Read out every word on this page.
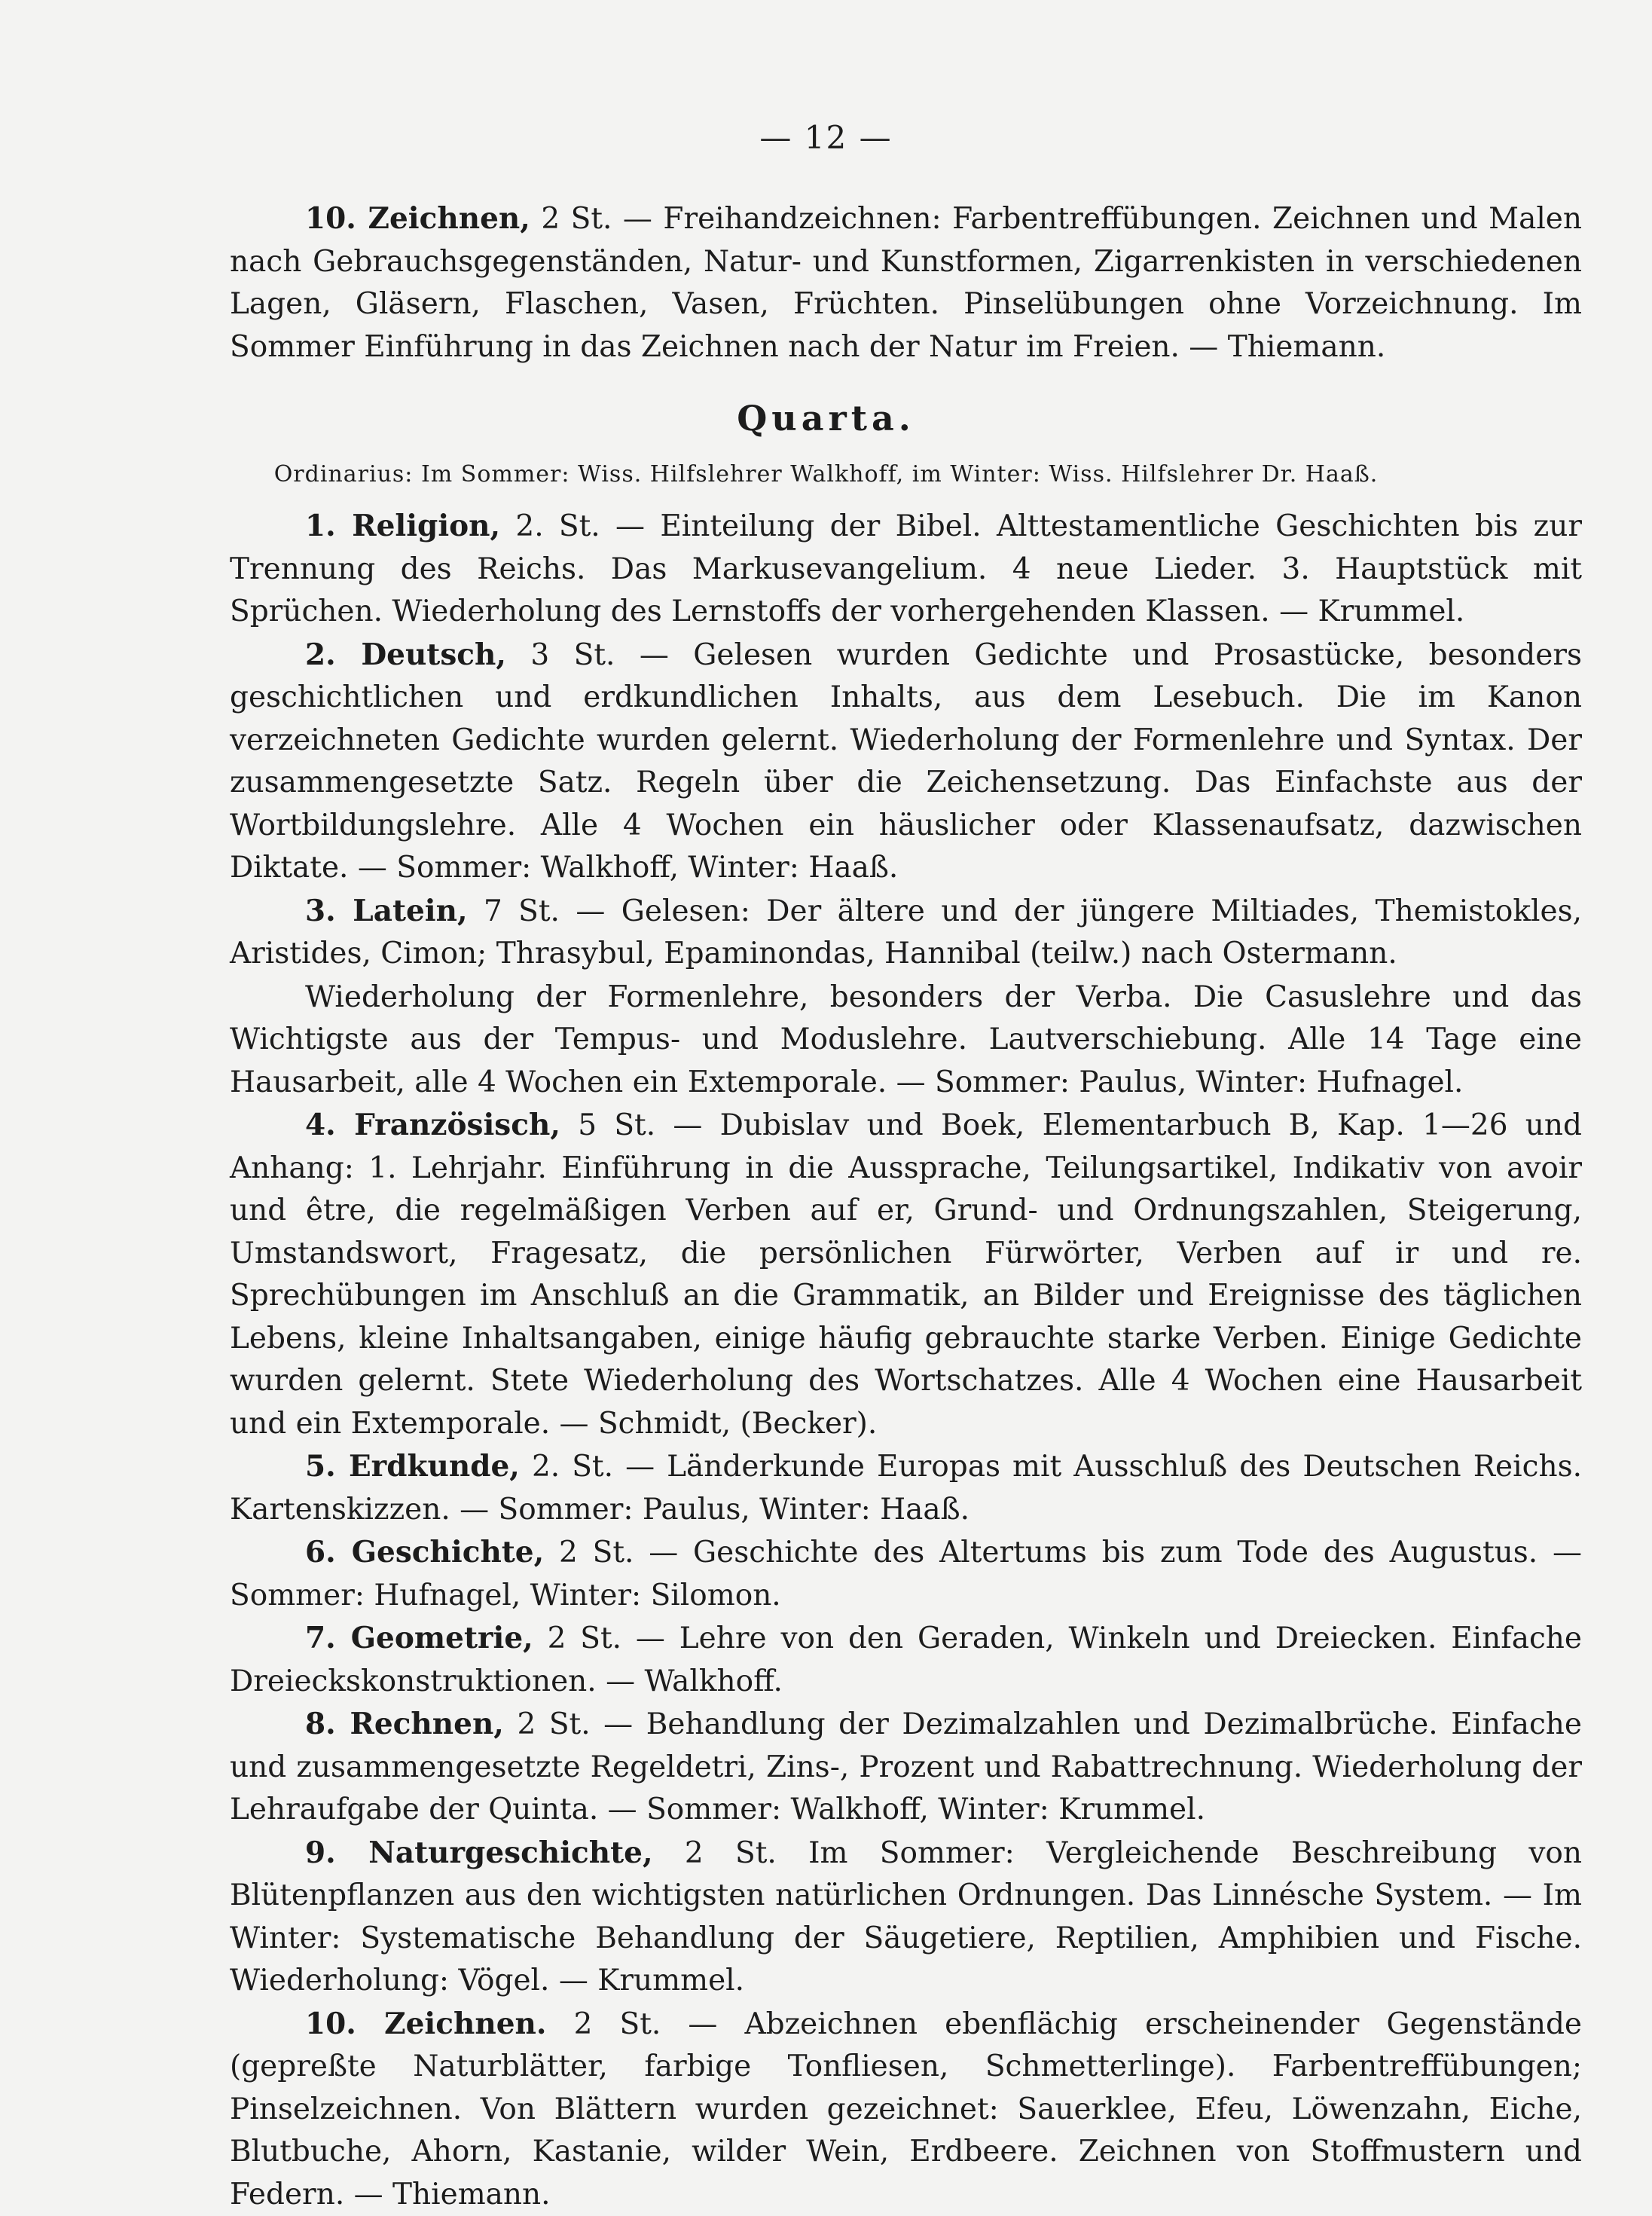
— 12 —

10. Zeichnen, 2 St. — Freihandzeichnen: Farbentreffübungen. Zeichnen und Malen nach Gebrauchsgegenständen, Natur- und Kunstformen, Zigarrenkisten in verschiedenen Lagen, Gläsern, Flaschen, Vasen, Früchten. Pinselübungen ohne Vorzeichnung. Im Sommer Einführung in das Zeichnen nach der Natur im Freien. — Thiemann.

Quarta.
Ordinarius: Im Sommer: Wiss. Hilfslehrer Walkhoff, im Winter: Wiss. Hilfslehrer Dr. Haaß.

1. Religion, 2. St. — Einteilung der Bibel. Alttestamentliche Geschichten bis zur Trennung des Reichs. Das Markusevangelium. 4 neue Lieder. 3. Hauptstück mit Sprüchen. Wiederholung des Lernstoffs der vorhergehenden Klassen. — Krummel.

2. Deutsch, 3 St. — Gelesen wurden Gedichte und Prosastücke, besonders geschichtlichen und erdkundlichen Inhalts, aus dem Lesebuch. Die im Kanon verzeichneten Gedichte wurden gelernt. Wiederholung der Formenlehre und Syntax. Der zusammengesetzte Satz. Regeln über die Zeichensetzung. Das Einfachste aus der Wortbildungslehre. Alle 4 Wochen ein häuslicher oder Klassenaufsatz, dazwischen Diktate. — Sommer: Walkhoff, Winter: Haaß.

3. Latein, 7 St. — Gelesen: Der ältere und der jüngere Miltiades, Themistokles, Aristides, Cimon; Thrasybul, Epaminondas, Hannibal (teilw.) nach Ostermann.

Wiederholung der Formenlehre, besonders der Verba. Die Casuslehre und das Wichtigste aus der Tempus- und Moduslehre. Lautverschiebung. Alle 14 Tage eine Hausarbeit, alle 4 Wochen ein Extemporale. — Sommer: Paulus, Winter: Hufnagel.

4. Französisch, 5 St. — Dubislav und Boek, Elementarbuch B, Kap. 1—26 und Anhang: 1. Lehrjahr. Einführung in die Aussprache, Teilungsartikel, Indikativ von avoir und être, die regelmäßigen Verben auf er, Grund- und Ordnungszahlen, Steigerung, Umstandswort, Fragesatz, die persönlichen Fürwörter, Verben auf ir und re. Sprechübungen im Anschluß an die Grammatik, an Bilder und Ereignisse des täglichen Lebens, kleine Inhaltsangaben, einige häufig gebrauchte starke Verben. Einige Gedichte wurden gelernt. Stete Wiederholung des Wortschatzes. Alle 4 Wochen eine Hausarbeit und ein Extemporale. — Schmidt, (Becker).

5. Erdkunde, 2. St. — Länderkunde Europas mit Ausschluß des Deutschen Reichs. Kartenskizzen. — Sommer: Paulus, Winter: Haaß.

6. Geschichte, 2 St. — Geschichte des Altertums bis zum Tode des Augustus. — Sommer: Hufnagel, Winter: Silomon.

7. Geometrie, 2 St. — Lehre von den Geraden, Winkeln und Dreiecken. Einfache Dreieckskonstruktionen. — Walkhoff.

8. Rechnen, 2 St. — Behandlung der Dezimalzahlen und Dezimalbrüche. Einfache und zusammengesetzte Regeldetri, Zins-, Prozent und Rabattrechnung. Wiederholung der Lehraufgabe der Quinta. — Sommer: Walkhoff, Winter: Krummel.

9. Naturgeschichte, 2 St. Im Sommer: Vergleichende Beschreibung von Blütenpflanzen aus den wichtigsten natürlichen Ordnungen. Das Linnésche System. — Im Winter: Systematische Behandlung der Säugetiere, Reptilien, Amphibien und Fische. Wiederholung: Vögel. — Krummel.

10. Zeichnen. 2 St. — Abzeichnen ebenflächig erscheinender Gegenstände (gepreßte Naturblätter, farbige Tonfliesen, Schmetterlinge). Farbentreffübungen; Pinselzeichnen. Von Blättern wurden gezeichnet: Sauerklee, Efeu, Löwenzahn, Eiche, Blutbuche, Ahorn, Kastanie, wilder Wein, Erdbeere. Zeichnen von Stoffmustern und Federn. — Thiemann.
